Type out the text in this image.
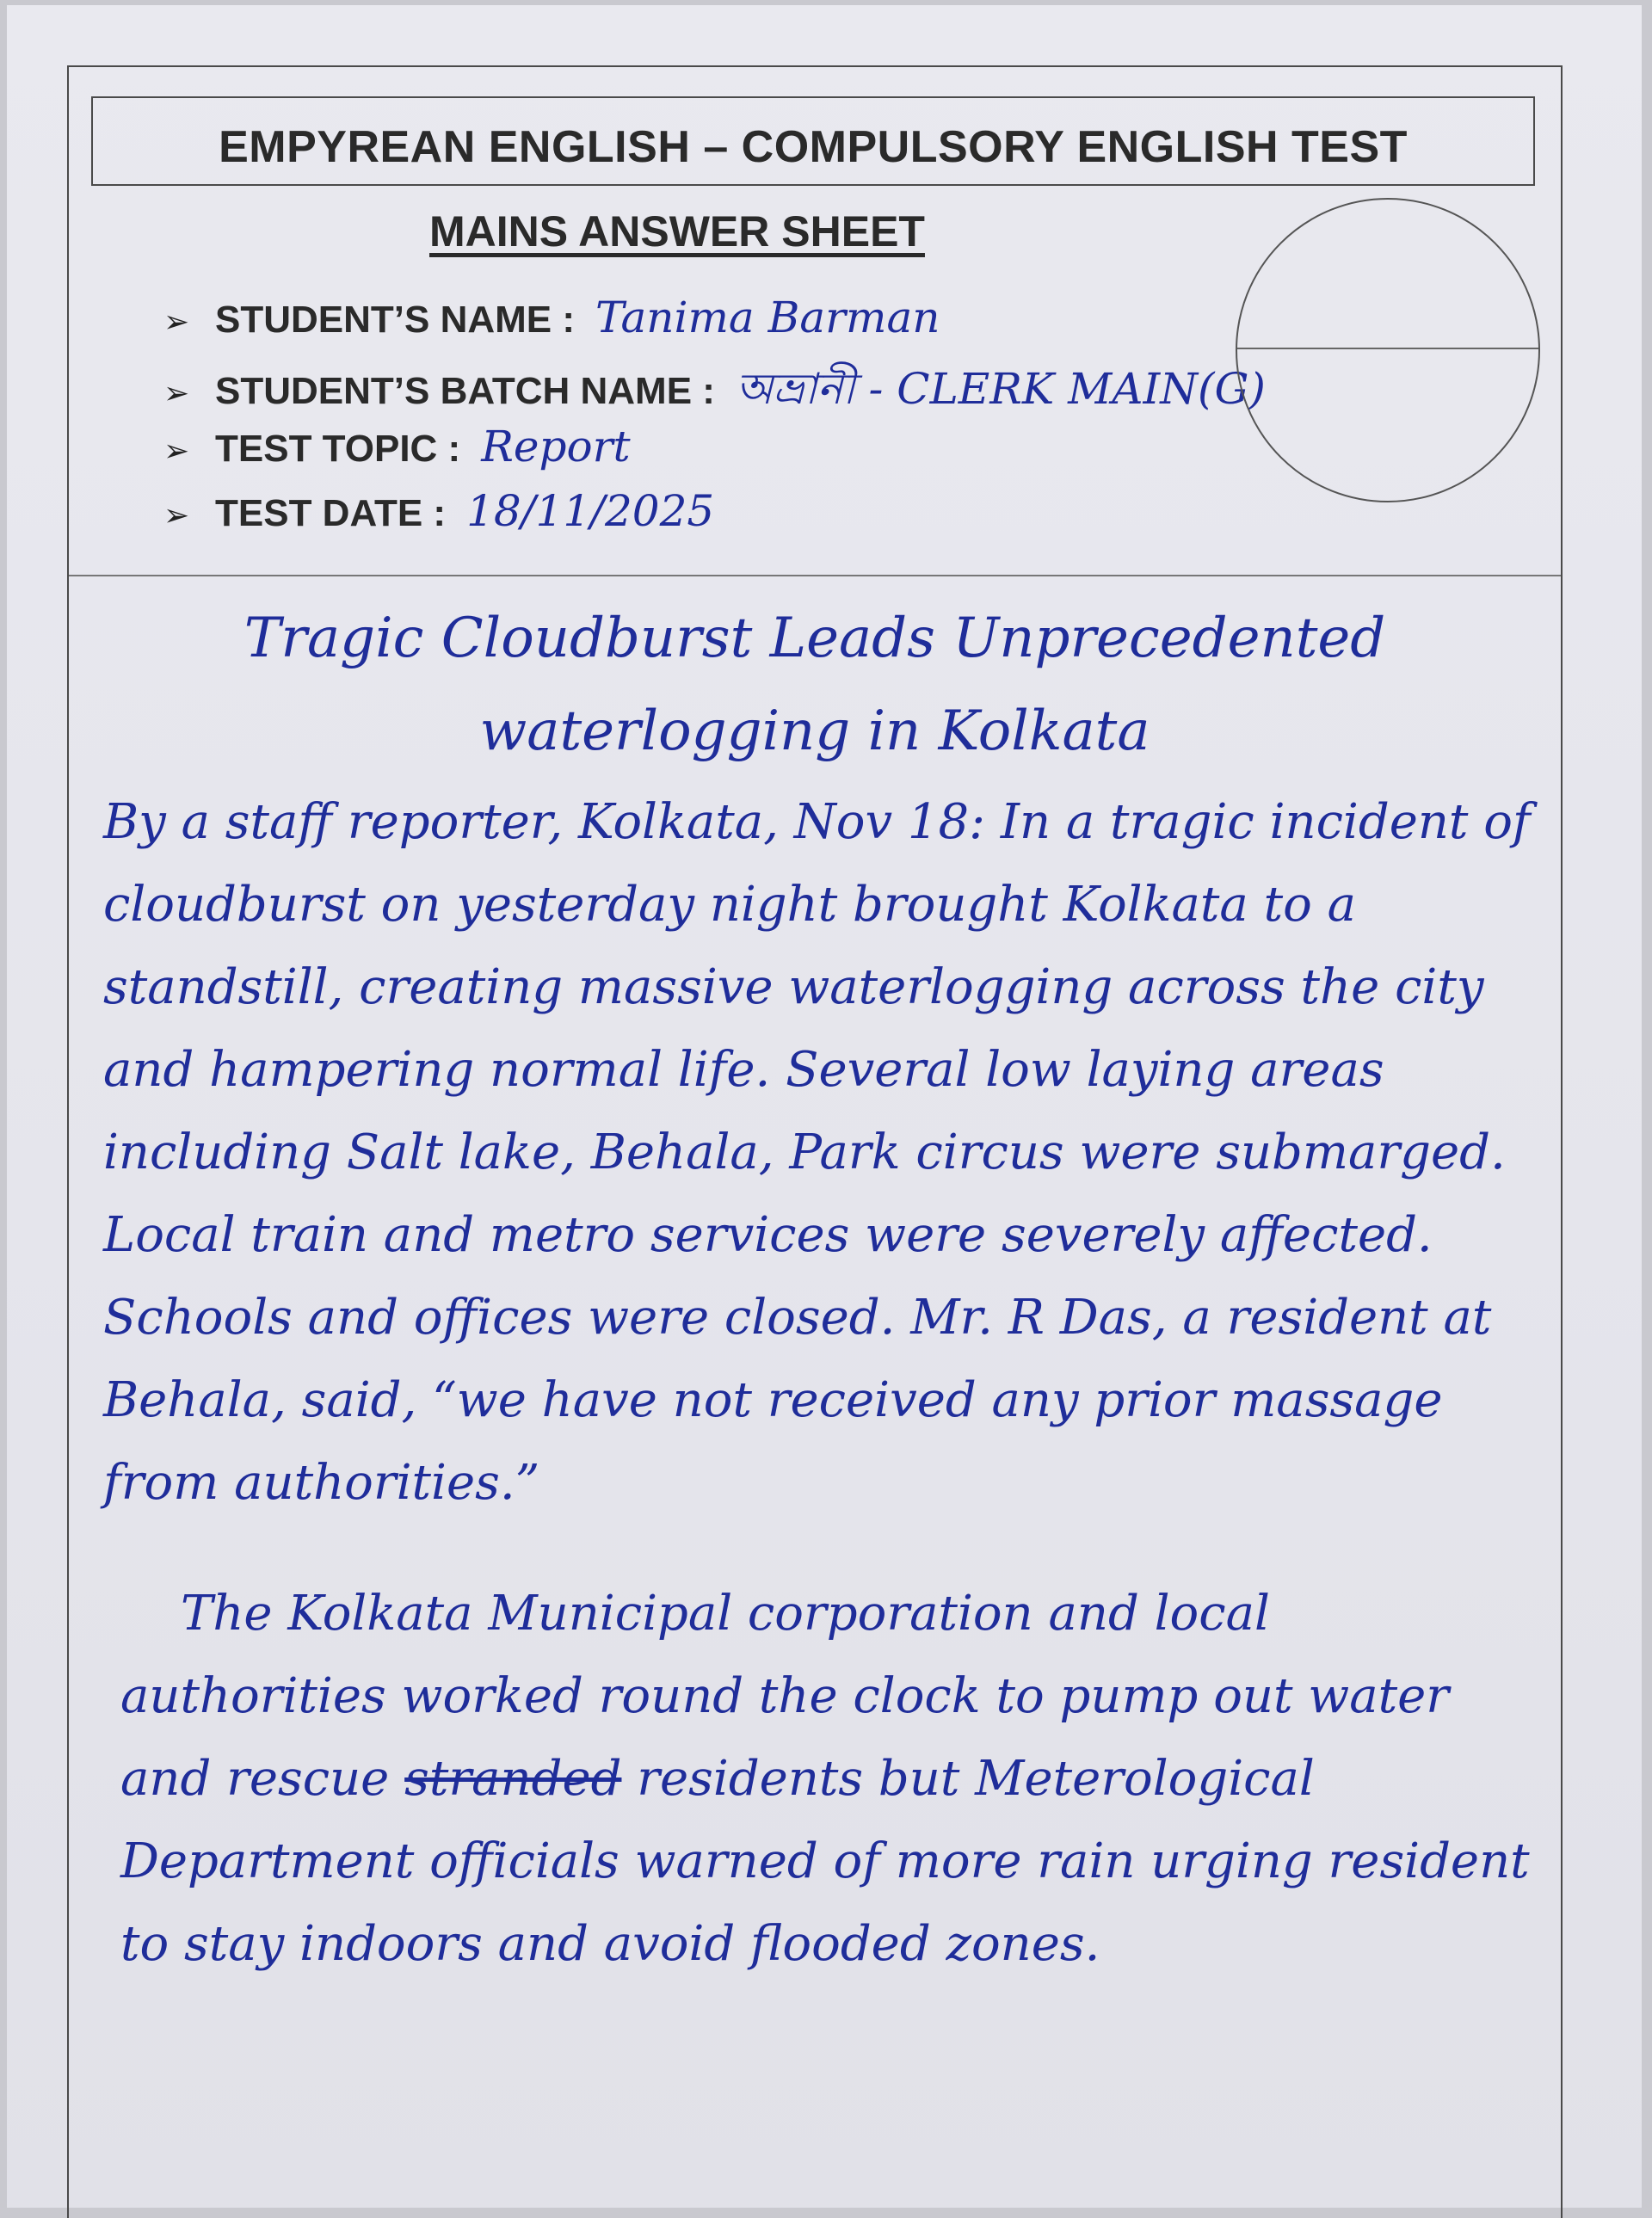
EMPYREAN ENGLISH – COMPULSORY ENGLISH TEST
MAINS ANSWER SHEET
➢ STUDENT’S NAME : Tanima Barman
➢ STUDENT’S BATCH NAME : অভ্রানী - CLERK MAIN(G)
➢ TEST TOPIC : Report
➢ TEST DATE : 18/11/2025
Tragic Cloudburst Leads Unprecedented
waterlogging in Kolkata

By a staff reporter, Kolkata, Nov 18: In a tragic incident of cloudburst on yesterday night brought Kolkata to a standstill, creating massive waterlogging across the city and hampering normal life. Several low laying areas including Salt lake, Behala, Park circus were submarged. Local train and metro services were severely affected. Schools and offices were closed. Mr. R Das, a resident at Behala, said, “we have not received any prior massage from authorities.”

The Kolkata Municipal corporation and local authorities worked round the clock to pump out water and rescue stranded residents but Meterological Department officials warned of more rain urging resident to stay indoors and avoid flooded zones.
